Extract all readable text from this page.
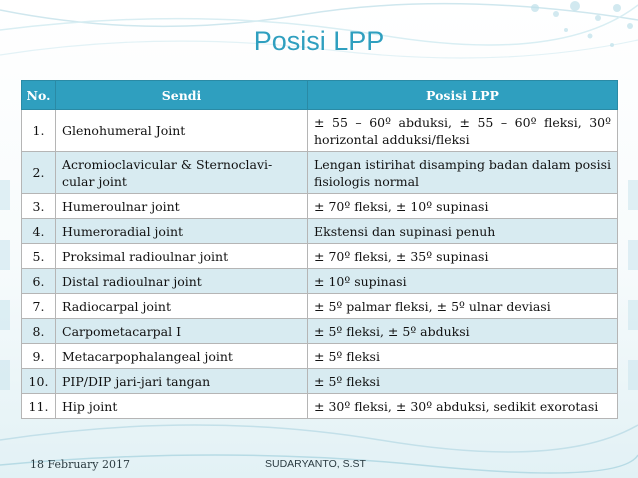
Posisi LPP
No.	Sendi	Posisi LPP
1.	Glenohumeral Joint	± 55 – 60º abduksi, ± 55 – 60º fleksi, 30º horizontal adduksi/fleksi
2.	Acromioclavicular & Sternoclavi-cular joint	Lengan istirihat disamping badan dalam posisi fisiologis normal
3.	Humeroulnar joint	± 70º fleksi, ± 10º supinasi
4.	Humeroradial joint	Ekstensi dan supinasi penuh
5.	Proksimal radioulnar joint	± 70º fleksi, ± 35º supinasi
6.	Distal radioulnar joint	± 10º supinasi
7.	Radiocarpal joint	± 5º palmar fleksi, ± 5º ulnar deviasi
8.	Carpometacarpal I	± 5º fleksi, ± 5º abduksi
9.	Metacarpophalangeal joint	± 5º fleksi
10.	PIP/DIP jari-jari tangan	± 5º fleksi
11.	Hip joint	± 30º fleksi, ± 30º abduksi, sedikit exorotasi
18 February 2017	SUDARYANTO, S.ST
